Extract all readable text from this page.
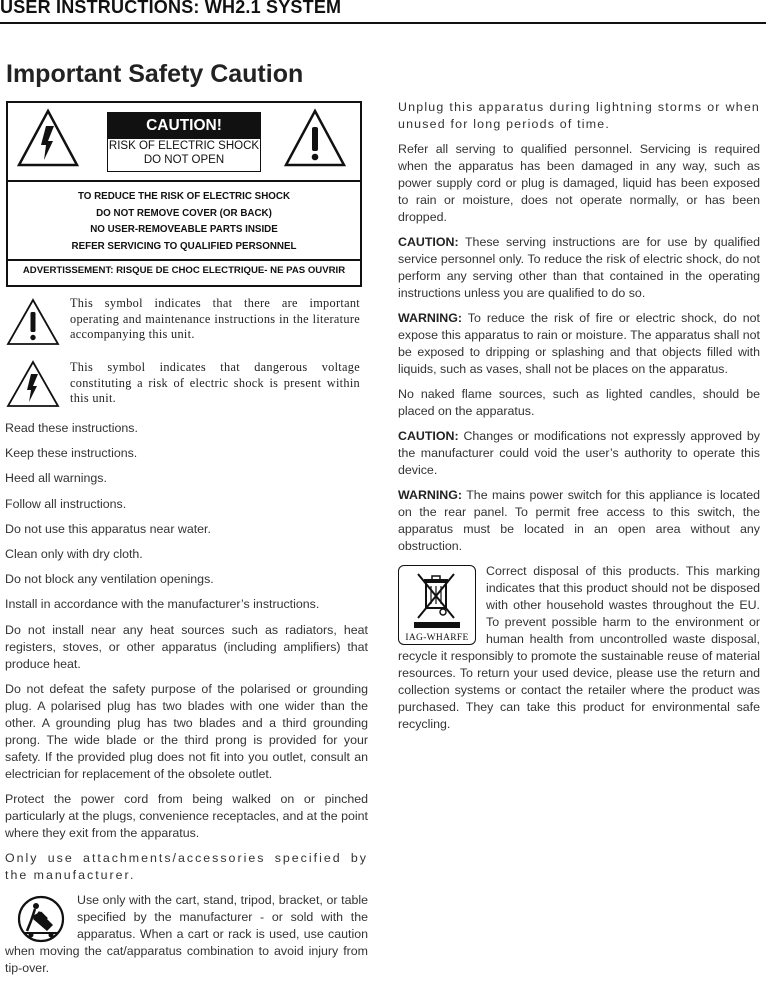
USER INSTRUCTIONS: WH2.1 SYSTEM
Important Safety Caution
CAUTION!
RISK OF ELECTRIC SHOCK
DO NOT OPEN
TO REDUCE THE RISK OF ELECTRIC SHOCK
DO NOT REMOVE COVER (OR BACK)
NO USER-REMOVEABLE PARTS INSIDE
REFER SERVICING TO QUALIFIED PERSONNEL
ADVERTISSEMENT: RISQUE DE CHOC ELECTRIQUE- NE PAS OUVRIR
This symbol indicates that there are important operating and maintenance instructions in the literature accompanying this unit.
This symbol indicates that dangerous voltage constituting a risk of electric shock is present within this unit.

Read these instructions.

Keep these instructions.

Heed all warnings.

Follow all instructions.

Do not use this apparatus near water.

Clean only with dry cloth.

Do not block any ventilation openings.

Install in accordance with the manufacturer’s instructions.

Do not install near any heat sources such as radiators, heat registers, stoves, or other apparatus (including amplifiers) that produce heat.

Do not defeat the safety purpose of the polarised or grounding plug. A polarised plug has two blades with one wider than the other. A grounding plug has two blades and a third grounding prong. The wide blade or the third prong is provided for your safety. If the provided plug does not fit into you outlet, consult an electrician for replacement of the obsolete outlet.

Protect the power cord from being walked on or pinched particularly at the plugs, convenience receptacles, and at the point where they exit from the apparatus.

Only use attachments/accessories specified by the manufacturer.

Use only with the cart, stand, tripod, bracket, or table specified by the manufacturer - or sold with the apparatus. When a cart or rack is used, use caution when moving the cat/apparatus combination to avoid injury from tip-over.

Unplug this apparatus during lightning storms or when unused for long periods of time.

Refer all serving to qualified personnel. Servicing is required when the apparatus has been damaged in any way, such as power supply cord or plug is damaged, liquid has been exposed to rain or moisture, does not operate normally, or has been dropped.

CAUTION: These serving instructions are for use by qualified service personnel only. To reduce the risk of electric shock, do not perform any serving other than that contained in the operating instructions unless you are qualified to do so.

WARNING: To reduce the risk of fire or electric shock, do not expose this apparatus to rain or moisture. The apparatus shall not be exposed to dripping or splashing and that objects filled with liquids, such as vases, shall not be places on the apparatus.

No naked flame sources, such as lighted candles, should be placed on the apparatus.

CAUTION: Changes or modifications not expressly approved by the manufacturer could void the user’s authority to operate this device.

WARNING: The mains power switch for this appliance is located on the rear panel. To permit free access to this switch, the apparatus must be located in an open area without any obstruction.

IAG-WHARFE
Correct disposal of this products. This marking indicates that this product should not be disposed with other household wastes throughout the EU. To prevent possible harm to the environment or human health from uncontrolled waste disposal, recycle it responsibly to promote the sustainable reuse of material resources. To return your used device, please use the return and collection systems or contact the retailer where the product was purchased. They can take this product for environmental safe recycling.
